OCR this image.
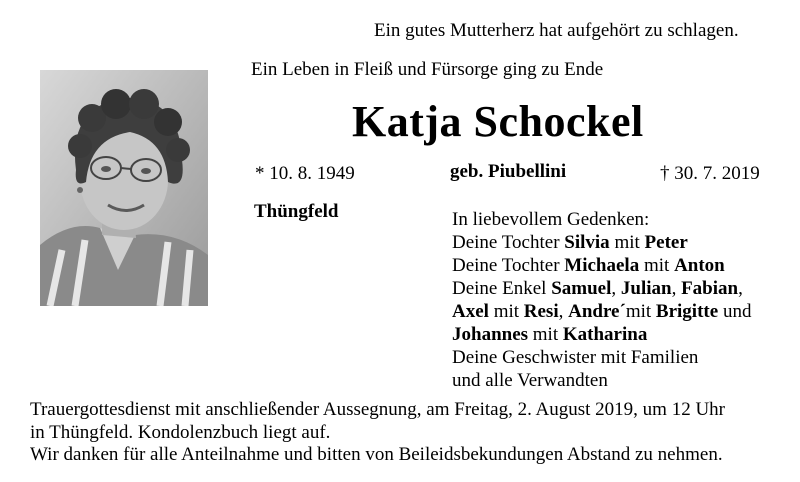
Ein gutes Mutterherz hat aufgehört zu schlagen.
Ein Leben in Fleiß und Fürsorge ging zu Ende
Katja Schockel
* 10. 8. 1949	geb. Piubellini	† 30. 7. 2019
Thüngfeld	In liebevollem Gedenken:
Deine Tochter Silvia mit Peter
Deine Tochter Michaela mit Anton
Deine Enkel Samuel, Julian, Fabian,
Axel mit Resi, Andre´mit Brigitte und
Johannes mit Katharina
Deine Geschwister mit Familien
und alle Verwandten
Trauergottesdienst mit anschließender Aussegnung, am Freitag, 2. August 2019, um 12 Uhr
in Thüngfeld. Kondolenzbuch liegt auf.
Wir danken für alle Anteilnahme und bitten von Beileidsbekundungen Abstand zu nehmen.
